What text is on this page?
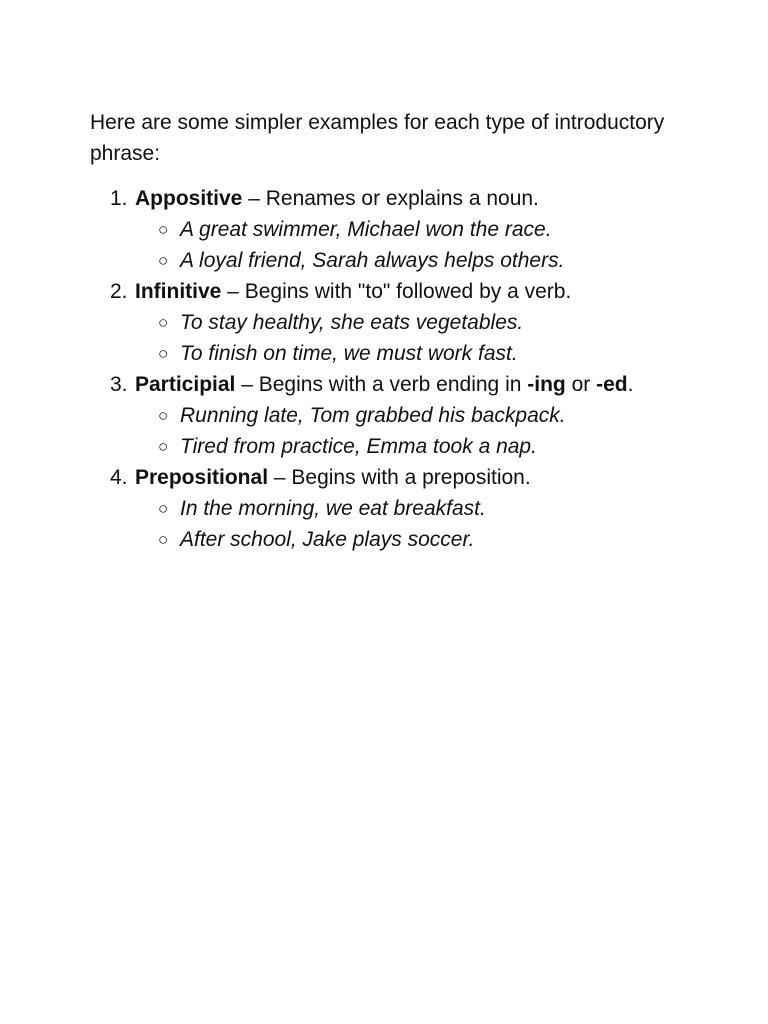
Here are some simpler examples for each type of introductory phrase:

1. Appositive – Renames or explains a noun.
○ A great swimmer, Michael won the race.
○ A loyal friend, Sarah always helps others.
2. Infinitive – Begins with "to" followed by a verb.
○ To stay healthy, she eats vegetables.
○ To finish on time, we must work fast.
3. Participial – Begins with a verb ending in -ing or -ed.
○ Running late, Tom grabbed his backpack.
○ Tired from practice, Emma took a nap.
4. Prepositional – Begins with a preposition.
○ In the morning, we eat breakfast.
○ After school, Jake plays soccer.
